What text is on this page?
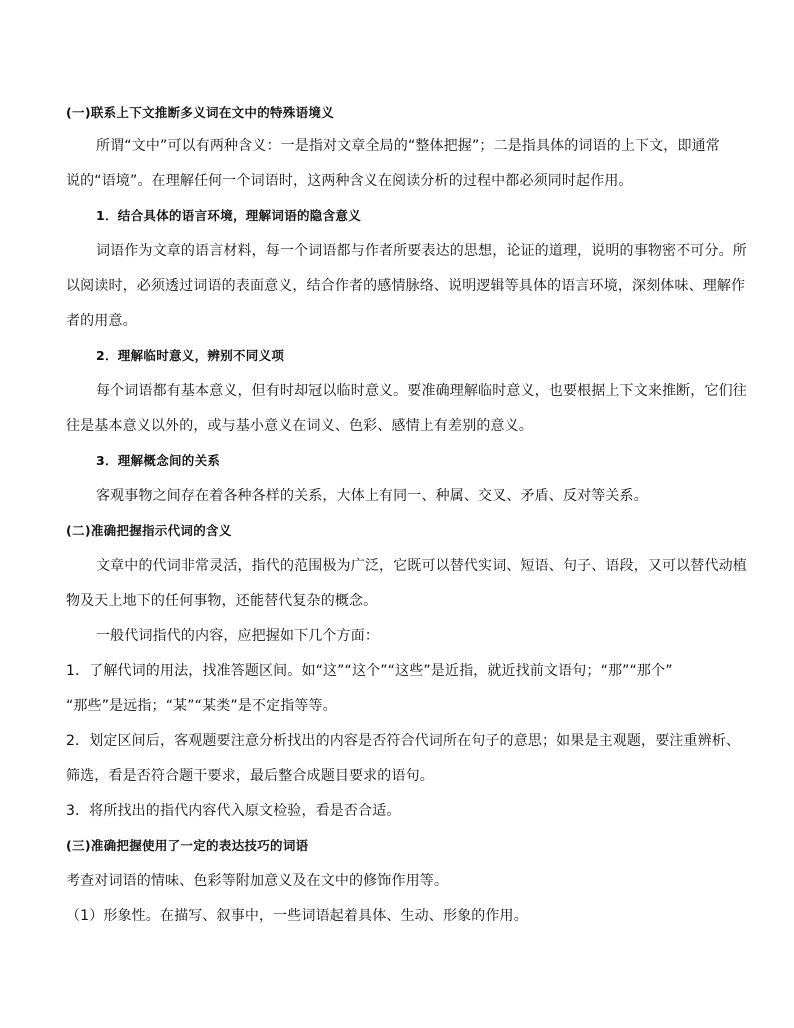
(一)联系上下文推断多义词在文中的特殊语境义
所谓“文中”可以有两种含义：一是指对文章全局的“整体把握”；二是指具体的词语的上下文，即通常
说的“语境”。在理解任何一个词语时，这两种含义在阅读分析的过程中都必须同时起作用。
1．结合具体的语言环境，理解词语的隐含意义
词语作为文章的语言材料，每一个词语都与作者所要表达的思想，论证的道理，说明的事物密不可分。所
以阅读时，必须透过词语的表面意义，结合作者的感情脉络、说明逻辑等具体的语言环境，深刻体味、理解作
者的用意。
2．理解临时意义，辨别不同义项
每个词语都有基本意义，但有时却冠以临时意义。要准确理解临时意义，也要根据上下文来推断，它们往
往是基本意义以外的，或与基小意义在词义、色彩、感情上有差别的意义。
3．理解概念间的关系
客观事物之间存在着各种各样的关系，大体上有同一、种属、交叉、矛盾、反对等关系。
(二)准确把握指示代词的含义
文章中的代词非常灵活，指代的范围极为广泛，它既可以替代实词、短语、句子、语段，又可以替代动植
物及天上地下的任何事物，还能替代复杂的概念。
一般代词指代的内容，应把握如下几个方面：
1．了解代词的用法，找准答题区间。如“这”“这个”“这些”是近指，就近找前文语句；“那”“那个”
“那些”是远指；“某”“某类”是不定指等等。
2．划定区间后，客观题要注意分析找出的内容是否符合代词所在句子的意思；如果是主观题，要注重辨析、
筛选，看是否符合题干要求，最后整合成题目要求的语句。
3．将所找出的指代内容代入原文检验，看是否合适。
(三)准确把握使用了一定的表达技巧的词语
考查对词语的情味、色彩等附加意义及在文中的修饰作用等。
（1）形象性。在描写、叙事中，一些词语起着具体、生动、形象的作用。
